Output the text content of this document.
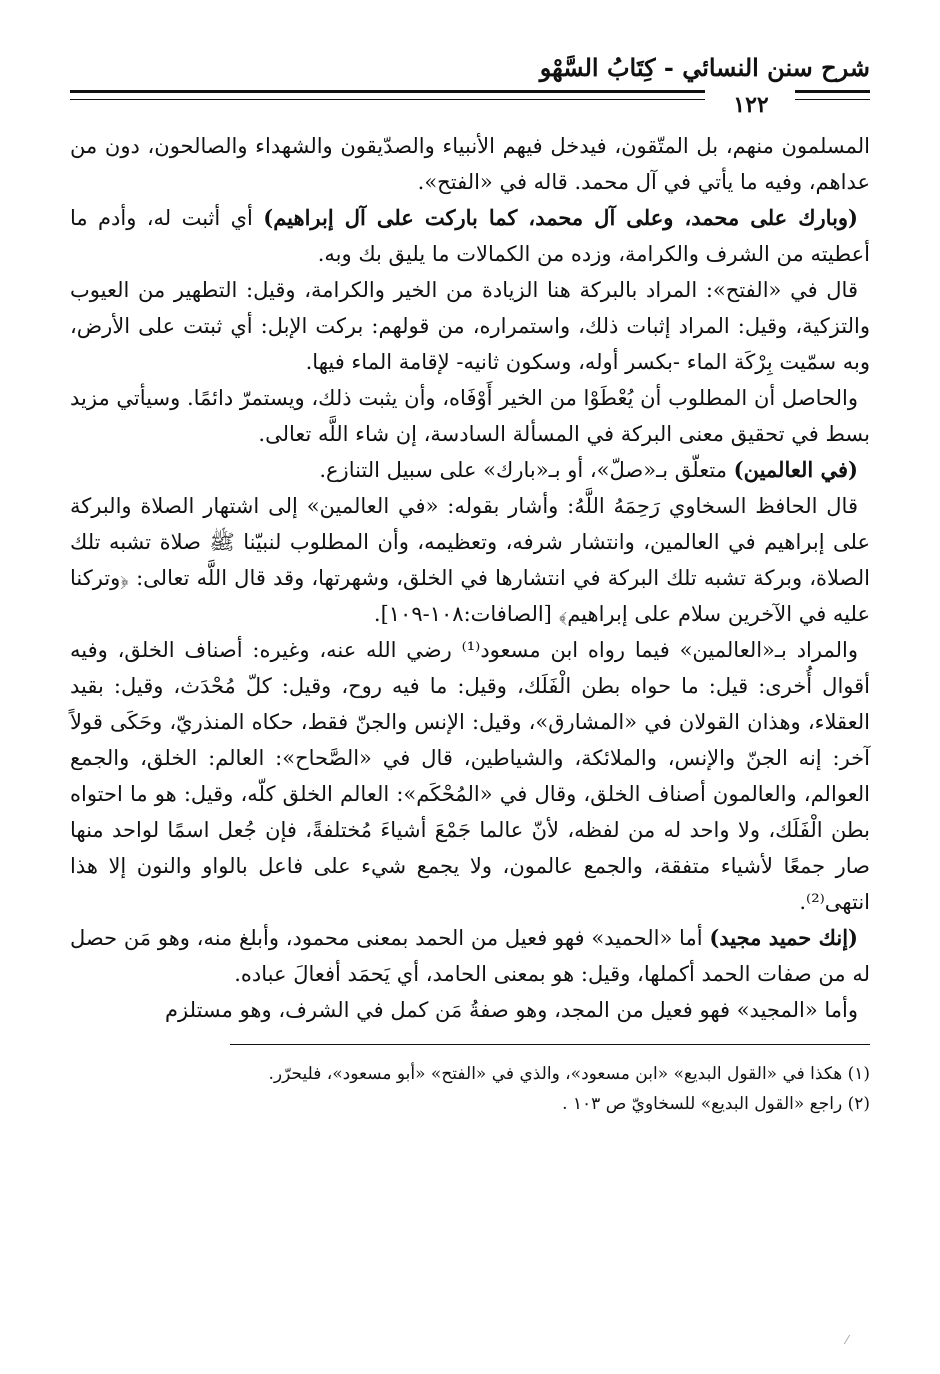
شرح سنن النسائي - كِتَابُ السَّهْو
١٢٢

المسلمون منهم، بل المتّقون، فيدخل فيهم الأنبياء والصدّيقون والشهداء والصالحون، دون من عداهم، وفيه ما يأتي في آل محمد. قاله في «الفتح».

(وبارك على محمد، وعلى آل محمد، كما باركت على آل إبراهيم) أي أثبت له، وأدم ما أعطيته من الشرف والكرامة، وزده من الكمالات ما يليق بك وبه.

قال في «الفتح»: المراد بالبركة هنا الزيادة من الخير والكرامة، وقيل: التطهير من العيوب والتزكية، وقيل: المراد إثبات ذلك، واستمراره، من قولهم: بركت الإبل: أي ثبتت على الأرض، وبه سمّيت بِرْكَة الماء -بكسر أوله، وسكون ثانيه- لإقامة الماء فيها.

والحاصل أن المطلوب أن يُعْطَوْا من الخير أَوْفَاه، وأن يثبت ذلك، ويستمرّ دائمًا. وسيأتي مزيد بسط في تحقيق معنى البركة في المسألة السادسة، إن شاء اللَّه تعالى.

(في العالمين) متعلّق بـ«صلّ»، أو بـ«بارك» على سبيل التنازع.

قال الحافظ السخاوي رَحِمَهُ اللَّهُ: وأشار بقوله: «في العالمين» إلى اشتهار الصلاة والبركة على إبراهيم في العالمين، وانتشار شرفه، وتعظيمه، وأن المطلوب لنبيّنا ﷺ صلاة تشبه تلك الصلاة، وبركة تشبه تلك البركة في انتشارها في الخلق، وشهرتها، وقد قال اللَّه تعالى: ﴿وتركنا عليه في الآخرين سلام على إبراهيم﴾ [الصافات:١٠٨-١٠٩].

والمراد بـ«العالمين» فيما رواه ابن مسعود⁽¹⁾ رضي الله عنه، وغيره: أصناف الخلق، وفيه أقوال أُخرى: قيل: ما حواه بطن الْفَلَك، وقيل: ما فيه روح، وقيل: كلّ مُحْدَث، وقيل: بقيد العقلاء، وهذان القولان في «المشارق»، وقيل: الإنس والجنّ فقط، حكاه المنذريّ، وحَكَى قولاً آخر: إنه الجنّ والإنس، والملائكة، والشياطين، قال في «الصَّحاح»: العالم: الخلق، والجمع العوالم، والعالمون أصناف الخلق، وقال في «المُحْكَم»: العالم الخلق كلّه، وقيل: هو ما احتواه بطن الْفَلَك، ولا واحد له من لفظه، لأنّ عالما جَمْعَ أشياءَ مُختلفةً، فإن جُعل اسمًا لواحد منها صار جمعًا لأشياء متفقة، والجمع عالمون، ولا يجمع شيء على فاعل بالواو والنون إلا هذا انتهى⁽²⁾.

(إنك حميد مجيد) أما «الحميد» فهو فعيل من الحمد بمعنى محمود، وأبلغ منه، وهو مَن حصل له من صفات الحمد أكملها، وقيل: هو بمعنى الحامد، أي يَحمَد أفعالَ عباده.

وأما «المجيد» فهو فعيل من المجد، وهو صفةُ مَن كمل في الشرف، وهو مستلزم

(١) هكذا في «القول البديع» «ابن مسعود»، والذي في «الفتح» «أبو مسعود»، فليحرّر.

(٢) راجع «القول البديع» للسخاويّ ص ١٠٣ .

⁄
